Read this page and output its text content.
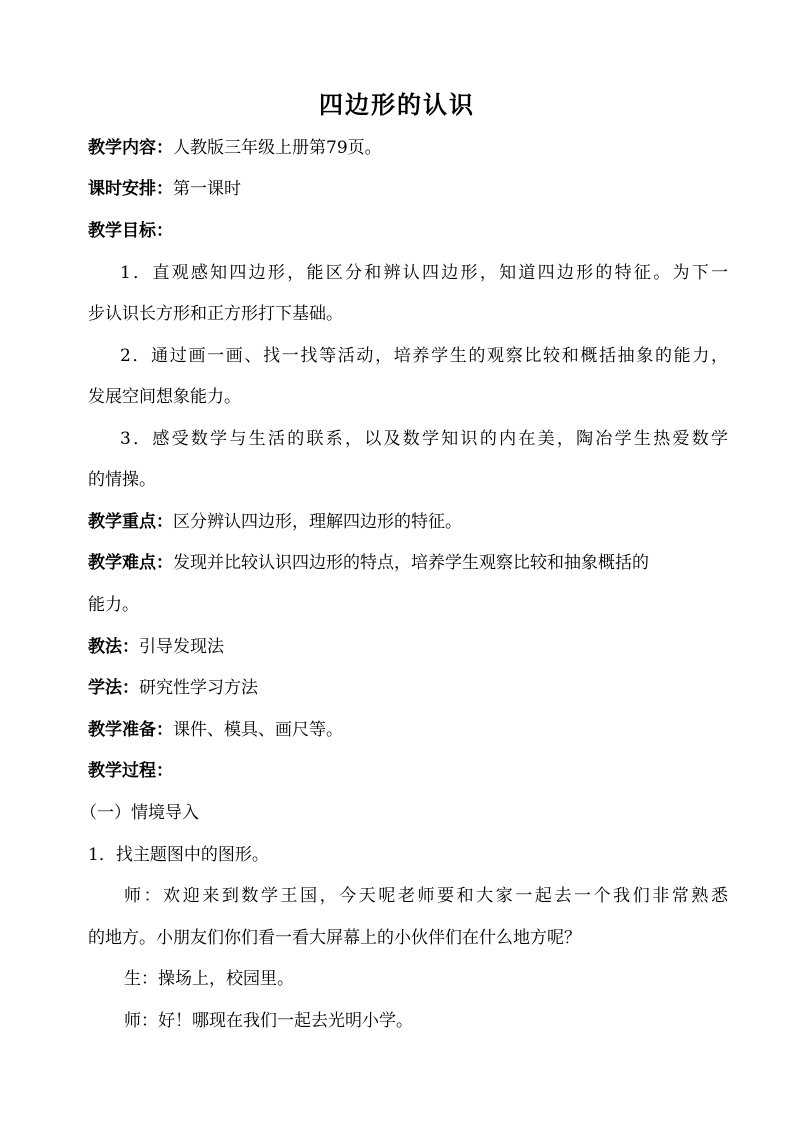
四边形的认识
教学内容：人教版三年级上册第79页。
课时安排：第一课时
教学目标：
1．直观感知四边形，能区分和辨认四边形，知道四边形的特征。为下一
步认识长方形和正方形打下基础。
2．通过画一画、找一找等活动，培养学生的观察比较和概括抽象的能力，
发展空间想象能力。
3．感受数学与生活的联系，以及数学知识的内在美，陶冶学生热爱数学
的情操。
教学重点：区分辨认四边形，理解四边形的特征。
教学难点：发现并比较认识四边形的特点，培养学生观察比较和抽象概括的
能力。
教法：引导发现法
学法：研究性学习方法
教学准备：课件、模具、画尺等。
教学过程：
（一）情境导入
1．找主题图中的图形。
师：欢迎来到数学王国，今天呢老师要和大家一起去一个我们非常熟悉
的地方。小朋友们你们看一看大屏幕上的小伙伴们在什么地方呢？
生：操场上，校园里。
师：好！哪现在我们一起去光明小学。
